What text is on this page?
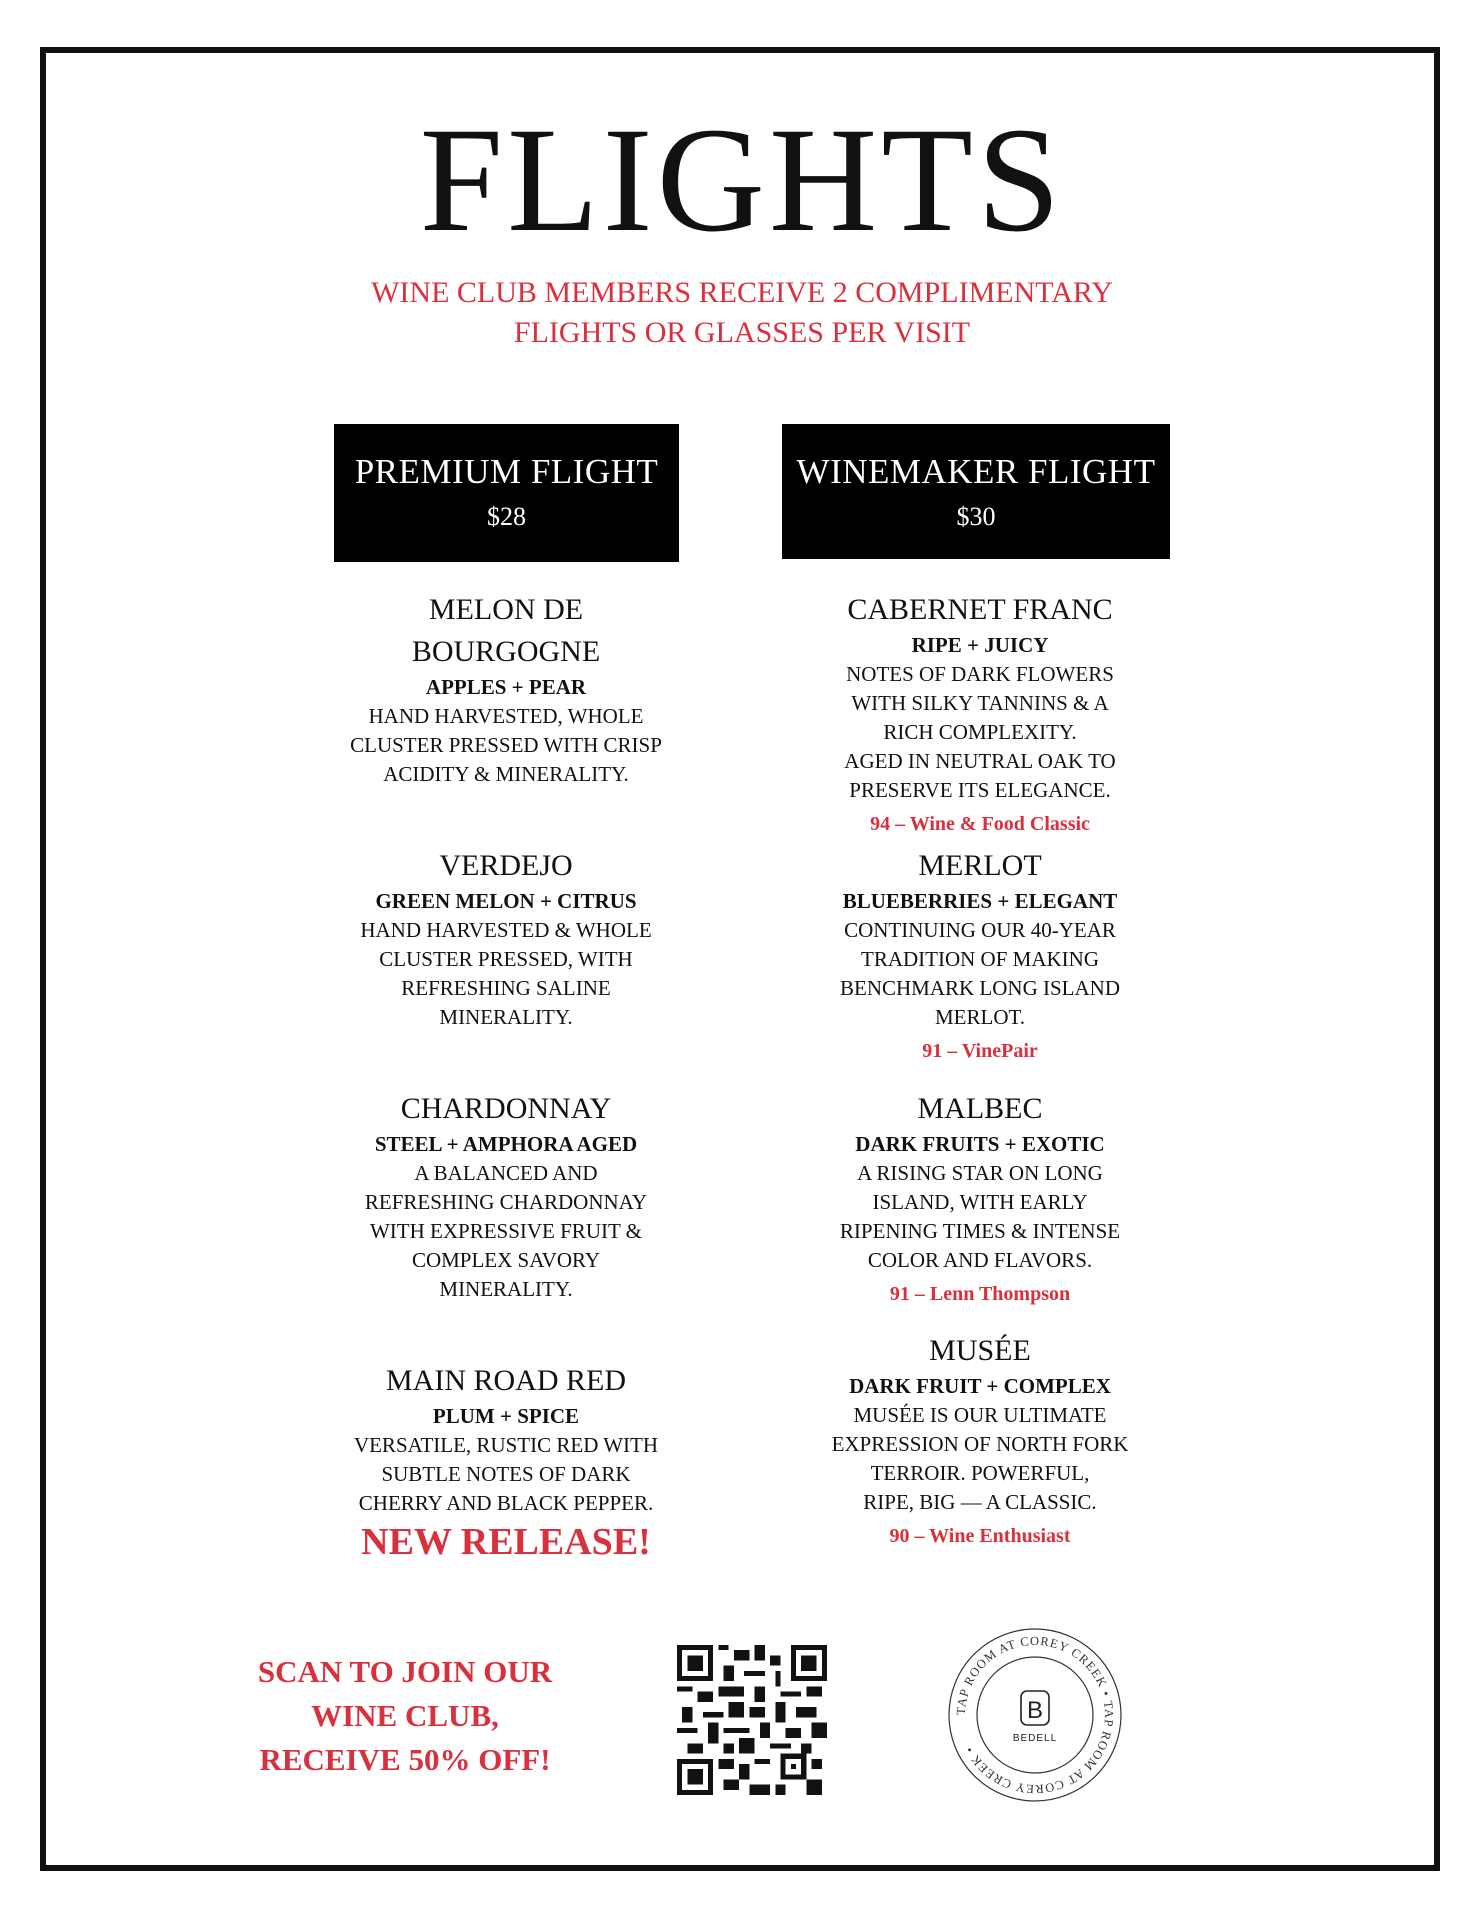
FLIGHTS
WINE CLUB MEMBERS RECEIVE 2 COMPLIMENTARY
FLIGHTS OR GLASSES PER VISIT
PREMIUM FLIGHT
$28
WINEMAKER FLIGHT
$30
MELON DE
BOURGOGNE
APPLES + PEAR
HAND HARVESTED, WHOLE
CLUSTER PRESSED WITH CRISP
ACIDITY & MINERALITY.
VERDEJO
GREEN MELON + CITRUS
HAND HARVESTED & WHOLE
CLUSTER PRESSED, WITH
REFRESHING SALINE
MINERALITY.
CHARDONNAY
STEEL + AMPHORA AGED
A BALANCED AND
REFRESHING CHARDONNAY
WITH EXPRESSIVE FRUIT &
COMPLEX SAVORY
MINERALITY.
MAIN ROAD RED
PLUM + SPICE
VERSATILE, RUSTIC RED WITH
SUBTLE NOTES OF DARK
CHERRY AND BLACK PEPPER.
NEW RELEASE!
CABERNET FRANC
RIPE + JUICY
NOTES OF DARK FLOWERS
WITH SILKY TANNINS & A
RICH COMPLEXITY.
AGED IN NEUTRAL OAK TO
PRESERVE ITS ELEGANCE.
94 – Wine & Food Classic
MERLOT
BLUEBERRIES + ELEGANT
CONTINUING OUR 40-YEAR
TRADITION OF MAKING
BENCHMARK LONG ISLAND
MERLOT.
91 – VinePair
MALBEC
DARK FRUITS + EXOTIC
A RISING STAR ON LONG
ISLAND, WITH EARLY
RIPENING TIMES & INTENSE
COLOR AND FLAVORS.
91 – Lenn Thompson
MUSÉE
DARK FRUIT + COMPLEX
MUSÉE IS OUR ULTIMATE
EXPRESSION OF NORTH FORK
TERROIR. POWERFUL,
RIPE, BIG — A CLASSIC.
90 – Wine Enthusiast
SCAN TO JOIN OUR
WINE CLUB,
RECEIVE 50% OFF!
TAP ROOM AT COREY CREEK • TAP ROOM AT COREY CREEK •
B
BEDELL
